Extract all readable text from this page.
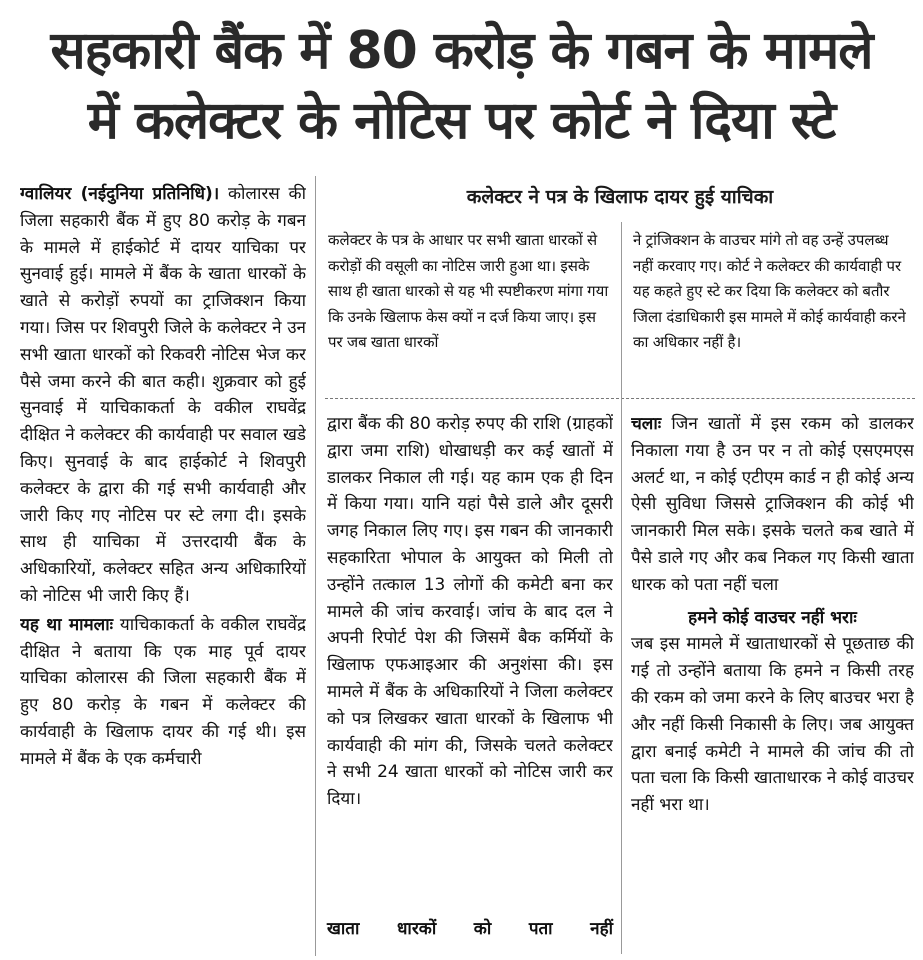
सहकारी बैंक में 80 करोड़ के गबन के मामले
में कलेक्टर के नोटिस पर कोर्ट ने दिया स्टे

ग्वालियर (नईदुनिया प्रतिनिधि)। कोलारस की जिला सहकारी बैंक में हुए 80 करोड़ के गबन के मामले में हाईकोर्ट में दायर याचिका पर सुनवाई हुई। मामले में बैंक के खाता धारकों के खाते से करोड़ों रुपयों का ट्राजिक्शन किया गया। जिस पर शिवपुरी जिले के कलेक्टर ने उन सभी खाता धारकों को रिकवरी नोटिस भेज कर पैसे जमा करने की बात कही। शुक्रवार को हुई सुनवाई में याचिकाकर्ता के वकील राघवेंद्र दीक्षित ने कलेक्टर की कार्यवाही पर सवाल खडे किए। सुनवाई के बाद हाईकोर्ट ने शिवपुरी कलेक्टर के द्वारा की गई सभी कार्यवाही और जारी किए गए नोटिस पर स्टे लगा दी। इसके साथ ही याचिका में उत्तरदायी बैंक के अधिकारियों, कलेक्टर सहित अन्य अधिकारियों को नोटिस भी जारी किए हैं।

यह था मामलाः याचिकाकर्ता के वकील राघवेंद्र दीक्षित ने बताया कि एक माह पूर्व दायर याचिका कोलारस की जिला सहकारी बैंक में हुए 80 करोड़ के गबन में कलेक्टर की कार्यवाही के खिलाफ दायर की गई थी। इस मामले में बैंक के एक कर्मचारी

कलेक्टर ने पत्र के खिलाफ दायर हुई याचिका
कलेक्टर के पत्र के आधार पर सभी खाता धारकों से करोड़ों की वसूली का नोटिस जारी हुआ था। इसके साथ ही खाता धारको से यह भी स्पष्टीकरण मांगा गया कि उनके खिलाफ केस क्यों न दर्ज किया जाए। इस पर जब खाता धारकों
ने ट्रांजिक्शन के वाउचर मांगे तो वह उन्हें उपलब्ध नहीं करवाए गए। कोर्ट ने कलेक्टर की कार्यवाही पर यह कहते हुए स्टे कर दिया कि कलेक्टर को बतौर जिला दंडाधिकारी इस मामले में कोई कार्यवाही करने का अधिकार नहीं है।

द्वारा बैंक की 80 करोड़ रुपए की राशि (ग्राहकों द्वारा जमा राशि) धोखाधड़ी कर कई खातों में डालकर निकाल ली गई। यह काम एक ही दिन में किया गया। यानि यहां पैसे डाले और दूसरी जगह निकाल लिए गए। इस गबन की जानकारी सहकारिता भोपाल के आयुक्त को मिली तो उन्होंने तत्काल 13 लोगों की कमेटी बना कर मामले की जांच करवाई। जांच के बाद दल ने अपनी रिपोर्ट पेश की जिसमें बैक कर्मियों के खिलाफ एफआइआर की अनुशंसा की। इस मामले में बैंक के अधिकारियों ने जिला कलेक्टर को पत्र लिखकर खाता धारकों के खिलाफ भी कार्यवाही की मांग की, जिसके चलते कलेक्टर ने सभी 24 खाता धारकों को नोटिस जारी कर दिया।

खाता धारकों को पता नहीं

चलाः जिन खातों में इस रकम को डालकर निकाला गया है उन पर न तो कोई एसएमएस अलर्ट था, न कोई एटीएम कार्ड न ही कोई अन्य ऐसी सुविधा जिससे ट्राजिक्शन की कोई भी जानकारी मिल सके। इसके चलते कब खाते में पैसे डाले गए और कब निकल गए किसी खाता धारक को पता नहीं चला

हमने कोई वाउचर नहीं भराः
जब इस मामले में खाताधारकों से पूछताछ की गई तो उन्होंने बताया कि हमने न किसी तरह की रकम को जमा करने के लिए बाउचर भरा है और नहीं किसी निकासी के लिए। जब आयुक्त द्वारा बनाई कमेटी ने मामले की जांच की तो पता चला कि किसी खाताधारक ने कोई वाउचर नहीं भरा था।
